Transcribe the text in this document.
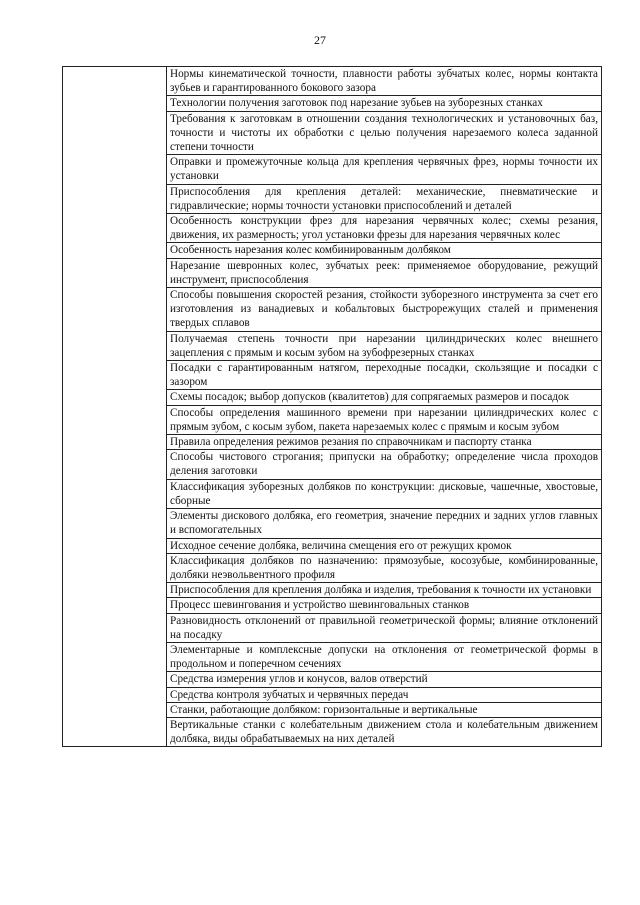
27
	Нормы кинематической точности, плавности работы зубчатых колес, нормы контакта зубьев и гарантированного бокового зазора
Технологии получения заготовок под нарезание зубьев на зуборезных станках
Требования к заготовкам в отношении создания технологических и установочных баз, точности и чистоты их обработки с целью получения нарезаемого колеса заданной степени точности
Оправки и промежуточные кольца для крепления червячных фрез, нормы точности их установки
Приспособления для крепления деталей: механические, пневматические и гидравлические; нормы точности установки приспособлений и деталей
Особенность конструкции фрез для нарезания червячных колес; схемы резания, движения, их размерность; угол установки фрезы для нарезания червячных колес
Особенность нарезания колес комбинированным долбяком
Нарезание шевронных колес, зубчатых реек: применяемое оборудование, режущий инструмент, приспособления
Способы повышения скоростей резания, стойкости зуборезного инструмента за счет его изготовления из ванадиевых и кобальтовых быстрорежущих сталей и применения твердых сплавов
Получаемая степень точности при нарезании цилиндрических колес внешнего зацепления с прямым и косым зубом на зубофрезерных станках
Посадки с гарантированным натягом, переходные посадки, скользящие и посадки с зазором
Схемы посадок; выбор допусков (квалитетов) для сопрягаемых размеров и посадок
Способы определения машинного времени при нарезании цилиндрических колес с прямым зубом, с косым зубом, пакета нарезаемых колес с прямым и косым зубом
Правила определения режимов резания по справочникам и паспорту станка
Способы чистового строгания; припуски на обработку; определение числа проходов деления заготовки
Классификация зуборезных долбяков по конструкции: дисковые, чашечные, хвостовые, сборные
Элементы дискового долбяка, его геометрия, значение передних и задних углов главных и вспомогательных
Исходное сечение долбяка, величина смещения его от режущих кромок
Классификация долбяков по назначению: прямозубые, косозубые, комбинированные, долбяки неэвольвентного профиля
Приспособления для крепления долбяка и изделия, требования к точности их установки
Процесс шевингования и устройство шевинговальных станков
Разновидность отклонений от правильной геометрической формы; влияние отклонений на посадку
Элементарные и комплексные допуски на отклонения от геометрической формы в продольном и поперечном сечениях
Средства измерения углов и конусов, валов отверстий
Средства контроля зубчатых и червячных передач
Станки, работающие долбяком: горизонтальные и вертикальные
Вертикальные станки с колебательным движением стола и колебательным движением долбяка, виды обрабатываемых на них деталей
